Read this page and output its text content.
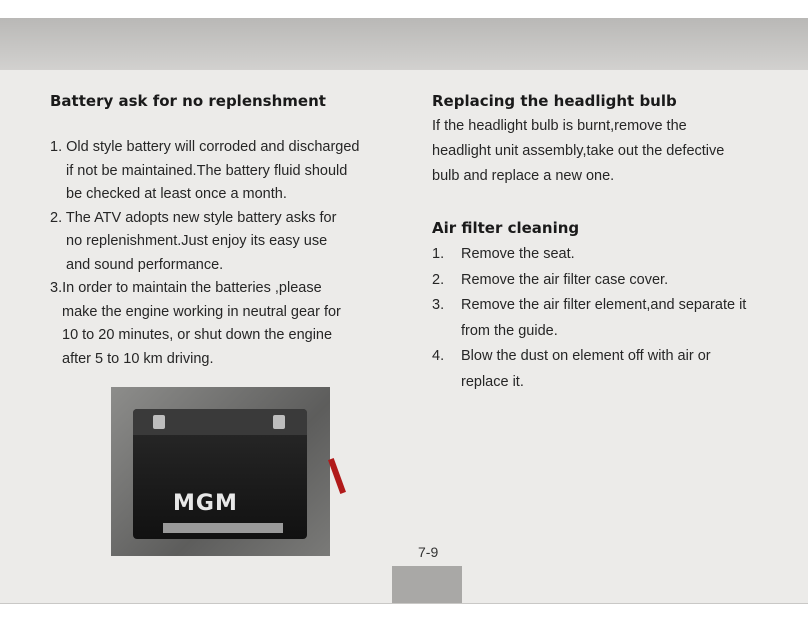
Battery ask for no replenshment
1. Old style battery will corroded and discharged
if not be maintained.The battery fluid should
be checked at least once a month.
2. The ATV adopts new style battery asks for
no replenishment.Just enjoy its easy use
and sound performance.
3.In order to maintain the batteries ,please
make the engine working in neutral gear for
10 to 20 minutes, or shut down the engine
after 5 to 10 km driving.
MGM
Replacing the headlight bulb
If the headlight bulb is burnt,remove the
headlight unit assembly,take out the defective
bulb and replace a new one.
Air filter cleaning
1. Remove the seat.
2. Remove the air filter case cover.
3. Remove the air filter element,and separate it
from the guide.
4. Blow the dust on element off with air or
replace it.
7-9
